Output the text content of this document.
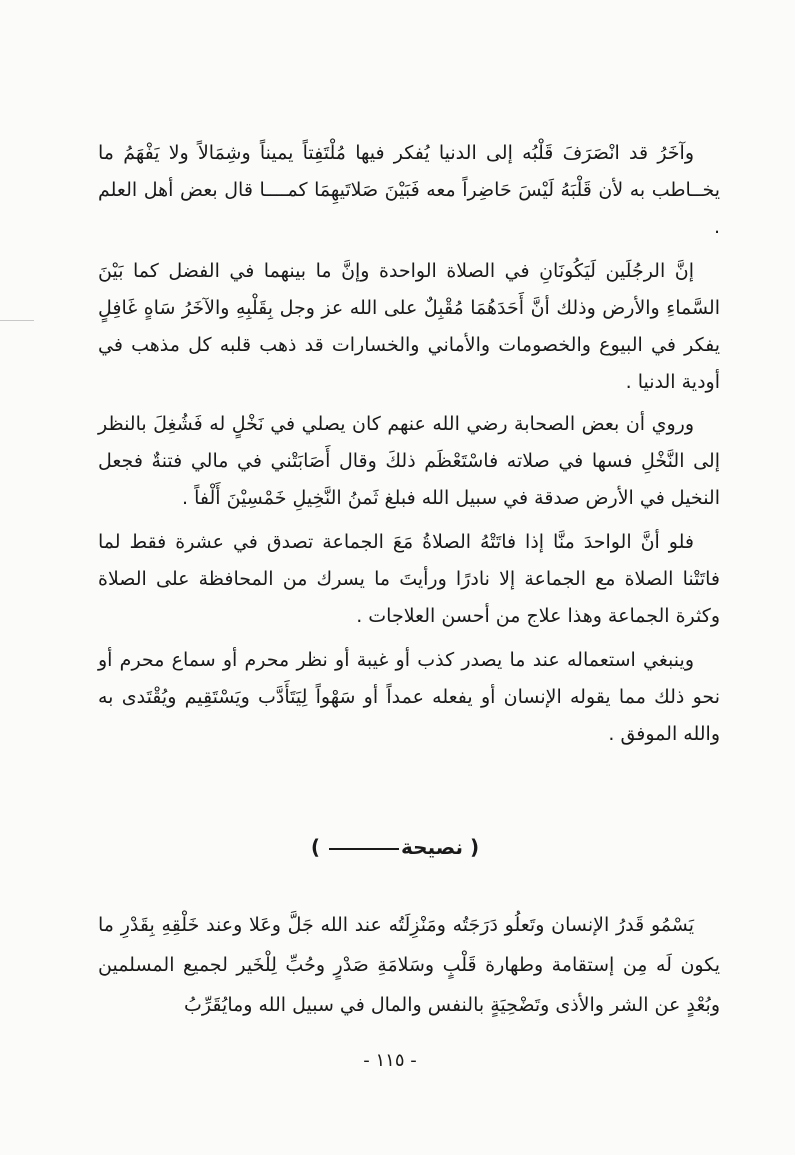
وآخَرُ قد انْصَرَفَ قَلْبُه إلى الدنيا يُفكر فيها مُلْتَفِتاً يميناً وشِمَالاً ولا يَفْهَمُ ما يخــاطب به لأن قَلْبَهُ لَيْسَ حَاضِراً معه فَبَيْنَ صَلاتَيهِمَا كمــــا قال بعض أهل العلم .

إنَّ الرجُلَين لَيَكُونَانِ في الصلاة الواحدة وإنَّ ما بينهما في الفضل كما بَيْنَ السَّماءِ والأرض وذلك أنَّ أَحَدَهُمَا مُقْبِلٌ على الله عز وجل بِقَلْبِهِ والآخَرُ سَاهٍ غَافِلٍ يفكر في البيوع والخصومات والأماني والخسارات قد ذهب قلبه كل مذهب في أودية الدنيا .

وروي أن بعض الصحابة رضي الله عنهم كان يصلي في نَخْلٍ له فَشُغِلَ بالنظر إلى النَّخْلِ فسها في صلاته فاسْتَعْظَم ذلكَ وقال أَصَابَتْني في مالي فتنةٌ فجعل النخيل في الأرض صدقة في سبيل الله فبلغ ثَمنُ النَّخِيلِ خَمْسِيْنَ أَلْفاً .

فلو أنَّ الواحدَ منَّا إذا فاتَتْهُ الصلاةُ مَعَ الجماعة تصدق في عشرة فقط لما فاتَتْنا الصلاة مع الجماعة إلا نادرًا ورأيتَ ما يسرك من المحافظة على الصلاة وكثرة الجماعة وهذا علاج من أحسن العلاجات .

وينبغي استعماله عند ما يصدر كذب أو غيبة أو نظر محرم أو سماع محرم أو نحو ذلك مما يقوله الإنسان أو يفعله عمداً أو سَهْواً لِيَتَأَدَّب ويَسْتَقِيم ويُقْتَدى به والله الموفق .

( نصيحة )

يَسْمُو قَدرُ الإنسان وتَعلُو دَرَجَتُه ومَنْزِلَتُه عند الله جَلَّ وعَلا وعند خَلْقِهِ بِقَدْرِ ما يكون لَه مِن إستقامة وطهارة قَلْبٍ وسَلامَةِ صَدْرٍ وحُبِّ لِلْخَير لجميع المسلمين وبُعْدٍ عن الشر والأذى وتَضْحِيَةٍ بالنفس والمال في سبيل الله ومايُقَرِّبُ

- ١١٥ -
